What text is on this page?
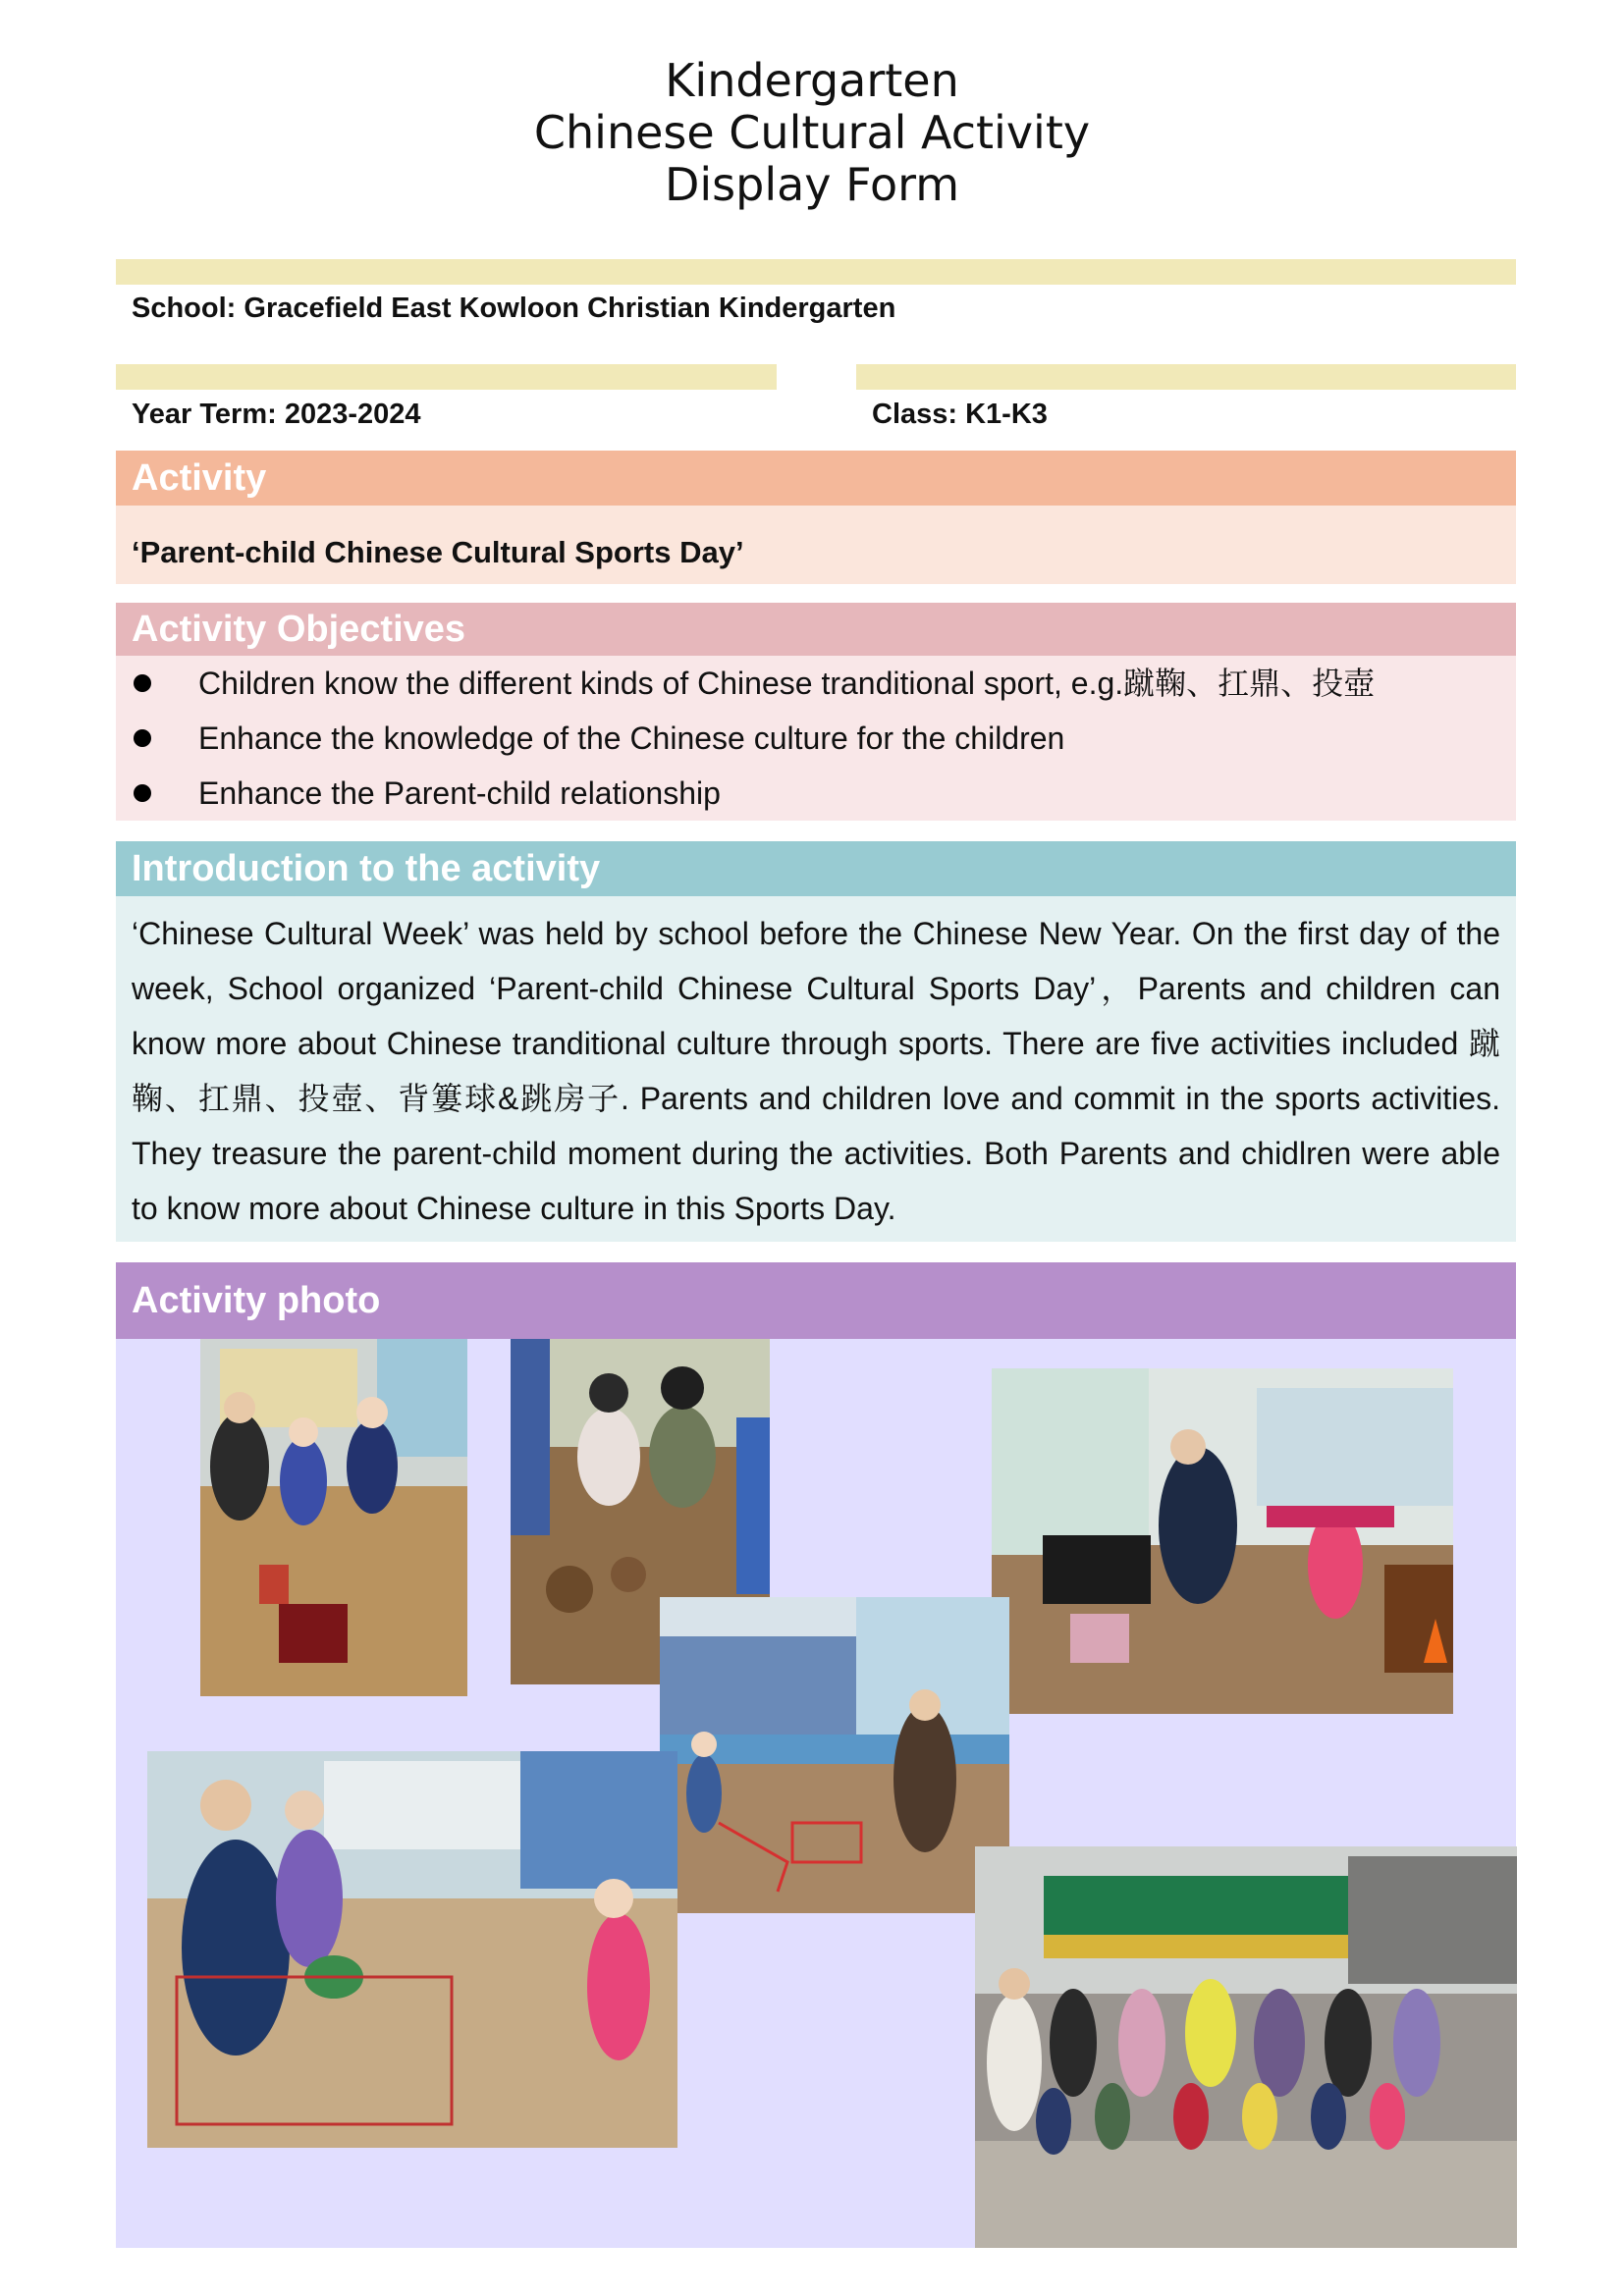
Kindergarten
Chinese Cultural Activity
Display Form
School: Gracefield East Kowloon Christian Kindergarten
Year Term: 2023-2024	Class: K1-K3
Activity
‘Parent-child Chinese Cultural Sports Day’
Activity Objectives
Children know the different kinds of Chinese tranditional sport, e.g.蹴鞠、扛鼎、投壺
Enhance the knowledge of the Chinese culture for the children
Enhance the Parent-child relationship
Introduction to the activity

‘Chinese Cultural Week’ was held by school before the Chinese New Year. On the first day of the week, School organized ‘Parent-child Chinese Cultural Sports Day’，Parents and children can know more about Chinese tranditional culture through sports. There are five activities included 蹴鞠、扛鼎、投壺、背簍球&跳房子. Parents and children love and commit in the sports activities. They treasure the parent-child moment during the activities. Both Parents and chidlren were able to know more about Chinese culture in this Sports Day.

Activity photo
